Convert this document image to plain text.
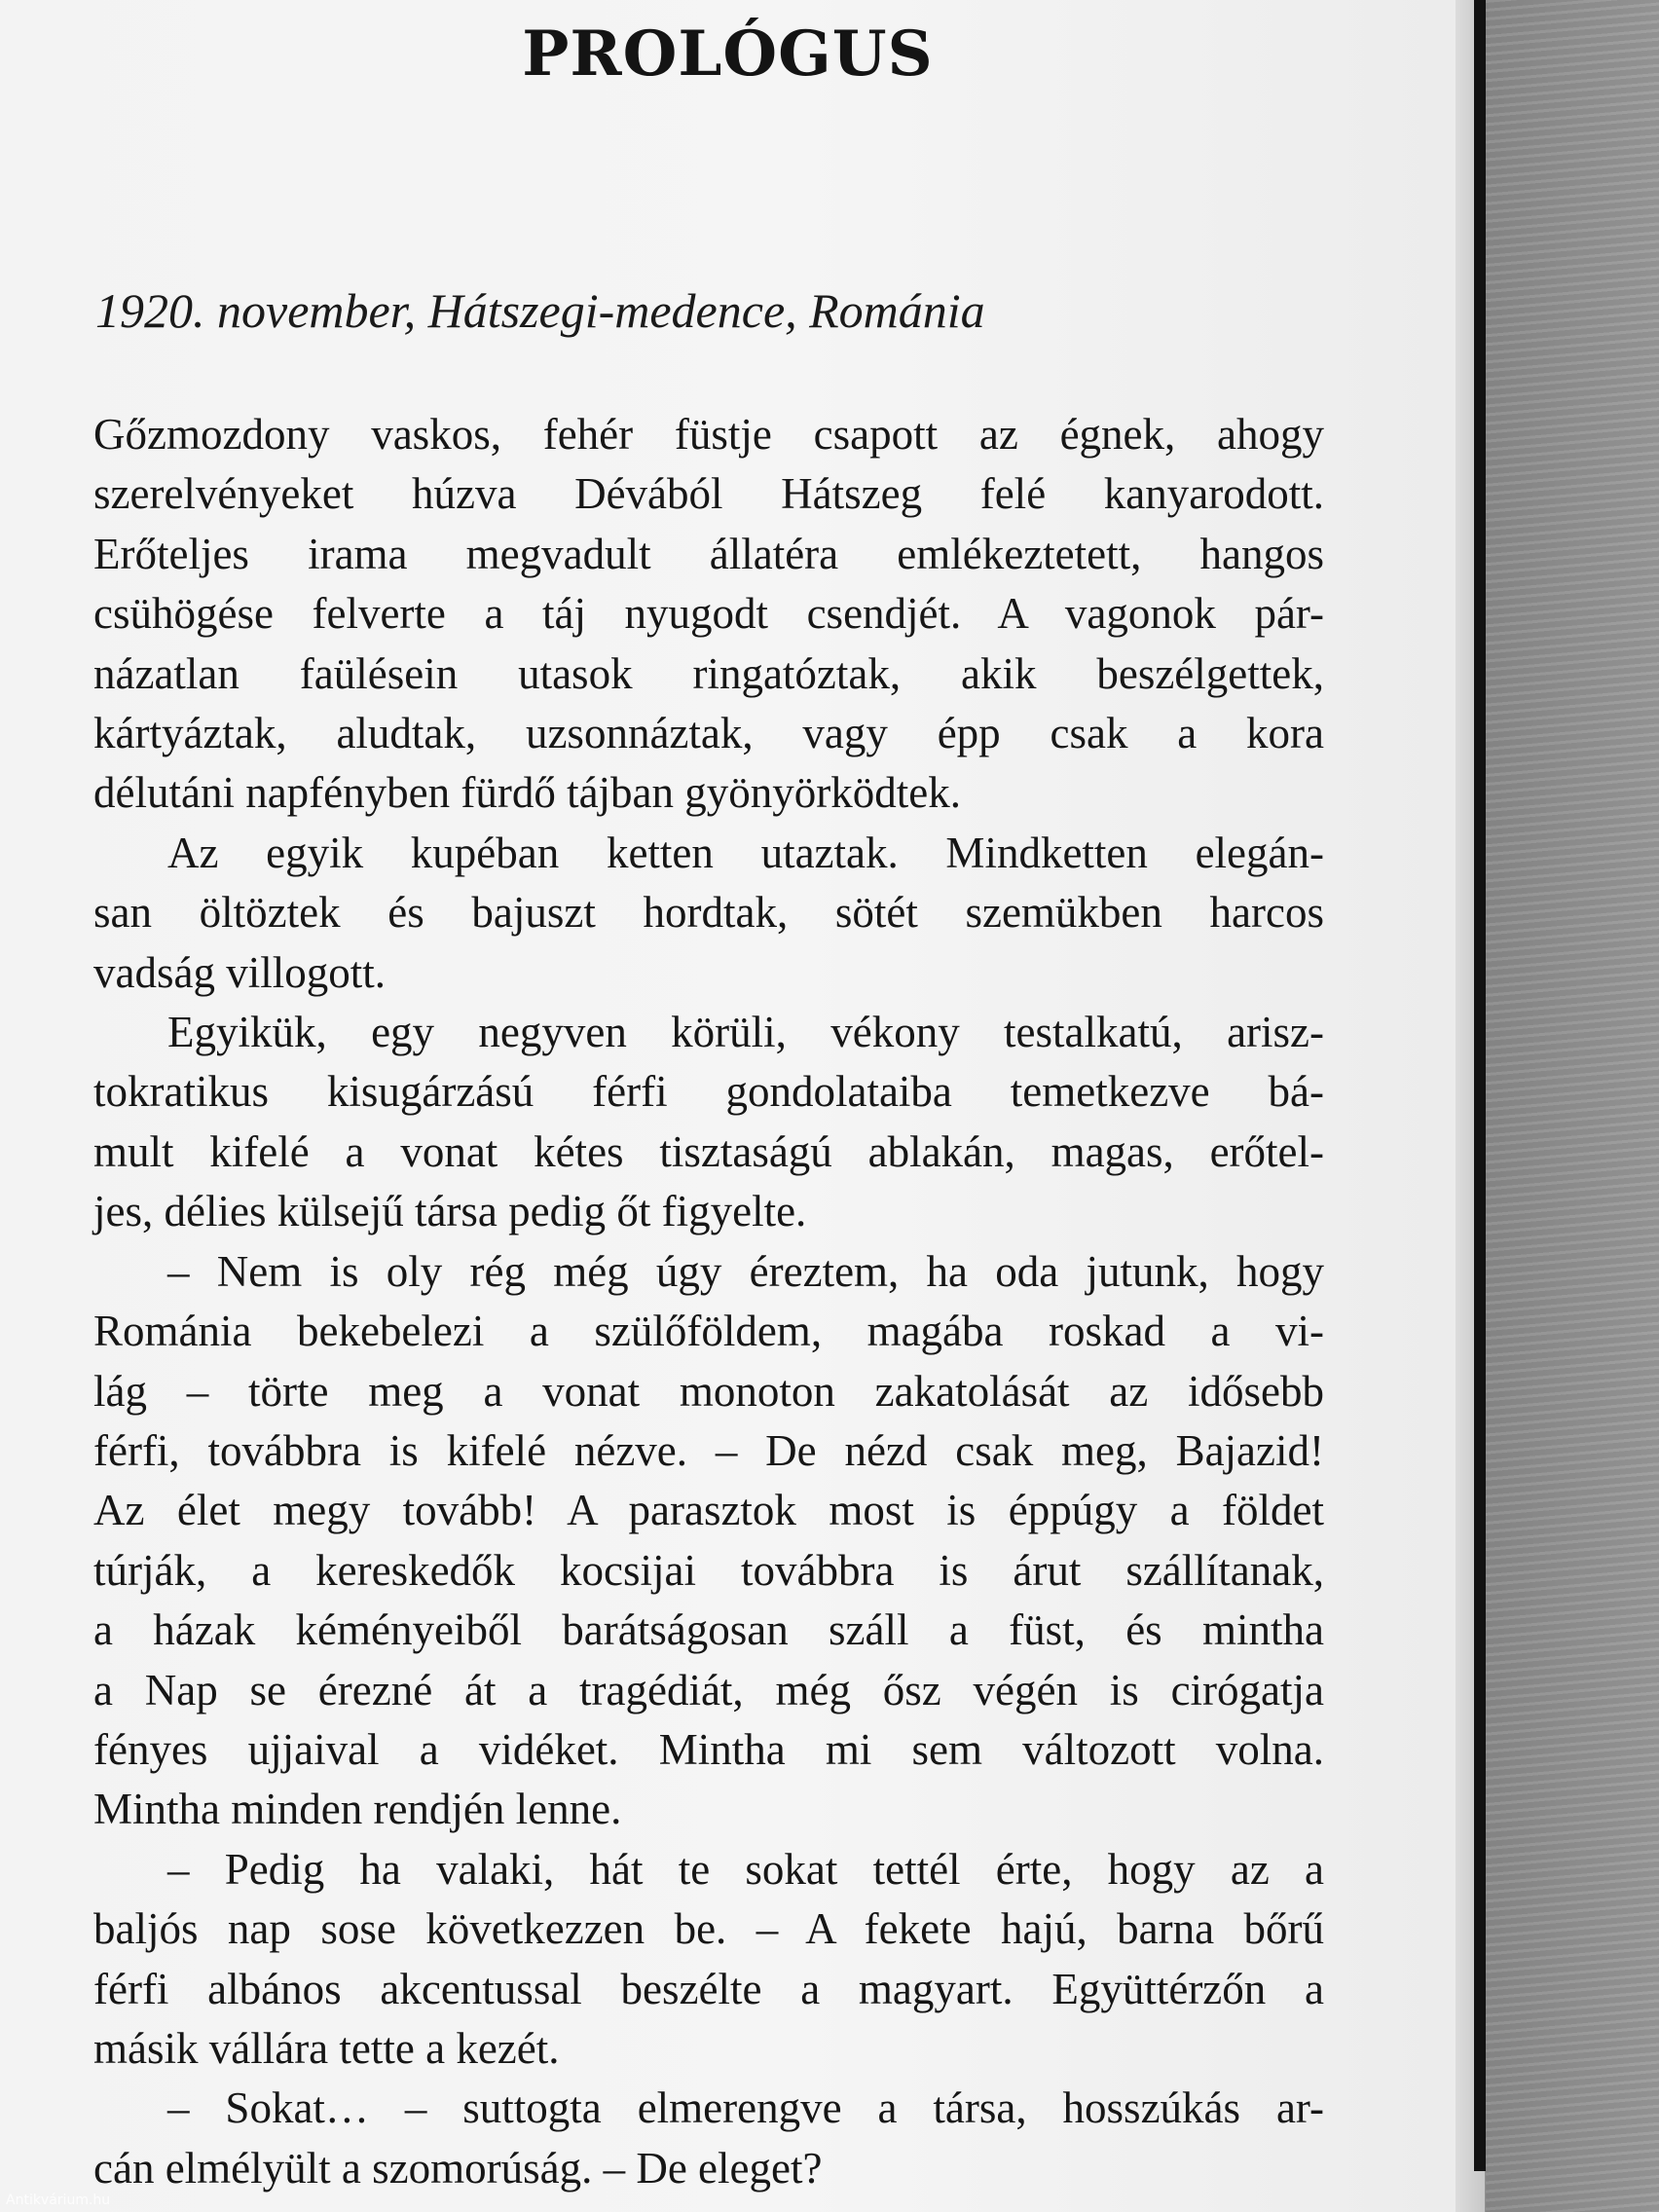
PROLÓGUS

1920. november, Hátszegi-medence, Románia

Gőzmozdony vaskos, fehér füstje csapott az égnek, ahogy
szerelvényeket húzva Dévából Hátszeg felé kanyarodott.
Erőteljes irama megvadult állatéra emlékeztetett, hangos
csühögése felverte a táj nyugodt csendjét. A vagonok pár-
názatlan faülésein utasok ringatóztak, akik beszélgettek,
kártyáztak, aludtak, uzsonnáztak, vagy épp csak a kora
délutáni napfényben fürdő tájban gyönyörködtek.
Az egyik kupéban ketten utaztak. Mindketten elegán-
san öltöztek és bajuszt hordtak, sötét szemükben harcos
vadság villogott.
Egyikük, egy negyven körüli, vékony testalkatú, arisz-
tokratikus kisugárzású férfi gondolataiba temetkezve bá-
mult kifelé a vonat kétes tisztaságú ablakán, magas, erőtel-
jes, délies külsejű társa pedig őt figyelte.
– Nem is oly rég még úgy éreztem, ha oda jutunk, hogy
Románia bekebelezi a szülőföldem, magába roskad a vi-
lág – törte meg a vonat monoton zakatolását az idősebb
férfi, továbbra is kifelé nézve. – De nézd csak meg, Bajazid!
Az élet megy tovább! A parasztok most is éppúgy a földet
túrják, a kereskedők kocsijai továbbra is árut szállítanak,
a házak kéményeiből barátságosan száll a füst, és mintha
a Nap se érezné át a tragédiát, még ősz végén is cirógatja
fényes ujjaival a vidéket. Mintha mi sem változott volna.
Mintha minden rendjén lenne.
– Pedig ha valaki, hát te sokat tettél érte, hogy az a
baljós nap sose következzen be. – A fekete hajú, barna bőrű
férfi albános akcentussal beszélte a magyart. Együttérzőn a
másik vállára tette a kezét.
– Sokat… – suttogta elmerengve a társa, hosszúkás ar-
cán elmélyült a szomorúság. – De eleget?
Antikvárium.hu
